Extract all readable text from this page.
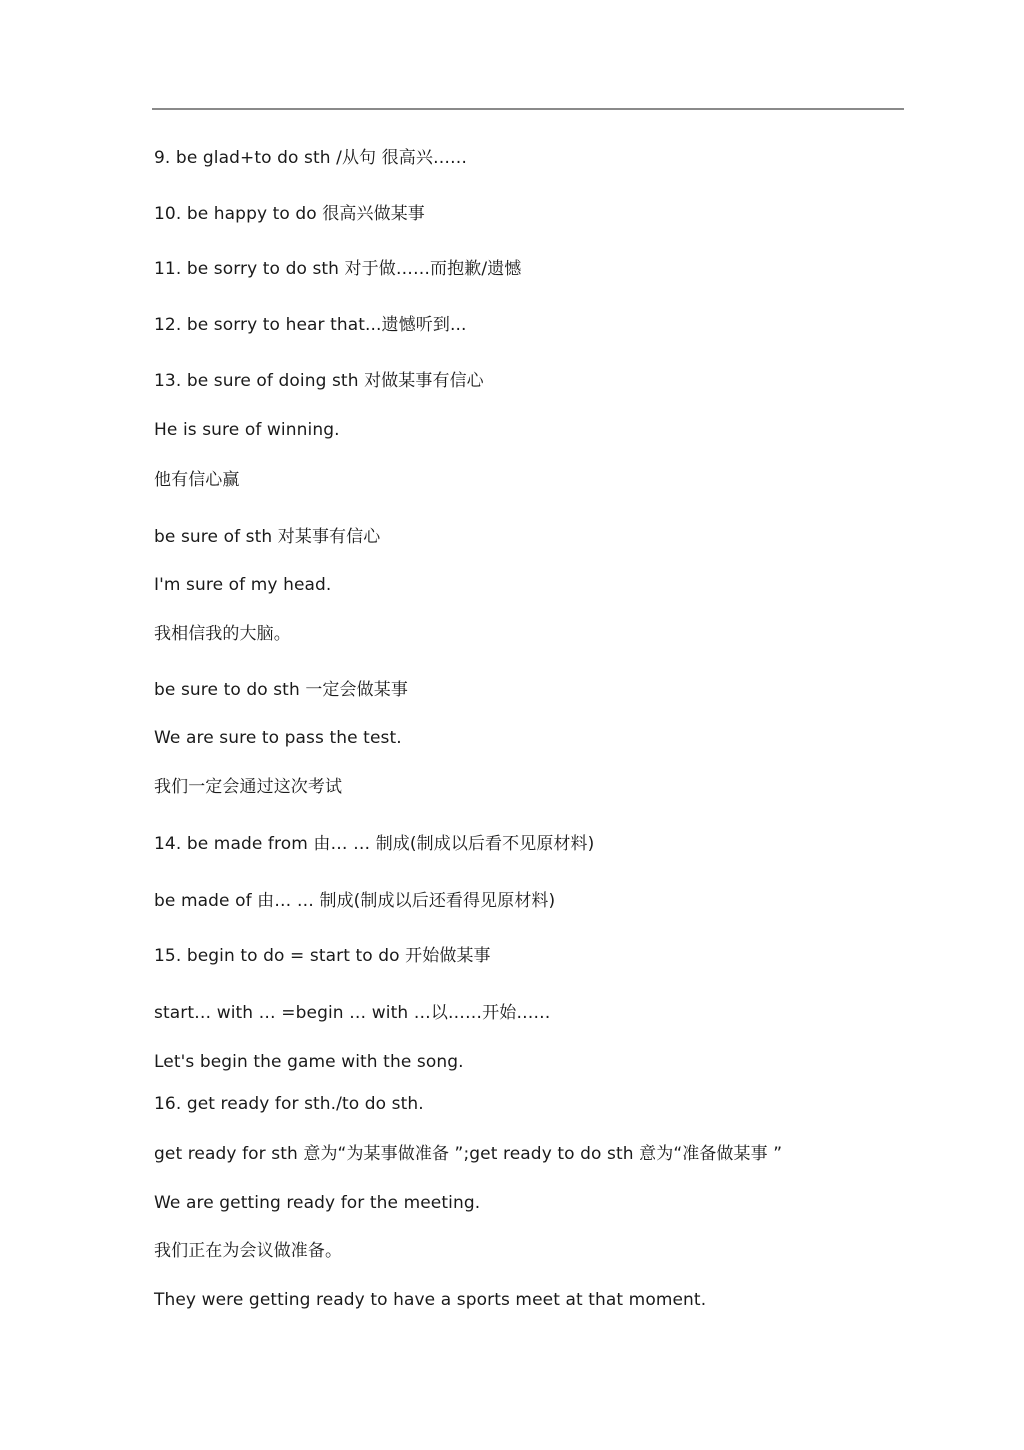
9. be glad+to do sth /从句 很高兴……
10. be happy to do 很高兴做某事
11. be sorry to do sth 对于做……而抱歉/遗憾
12. be sorry to hear that...遗憾听到...
13. be sure of doing sth 对做某事有信心
He is sure of winning.
他有信心赢
be sure of sth 对某事有信心
I'm sure of my head.
我相信我的大脑。
be sure to do sth 一定会做某事
We are sure to pass the test.
我们一定会通过这次考试
14. be made from 由… … 制成(制成以后看不见原材料)
be made of 由… … 制成(制成以后还看得见原材料)
15. begin to do = start to do 开始做某事
start… with … =begin … with …以……开始……
Let's begin the game with the song.
16. get ready for sth./to do sth.
get ready for sth 意为“为某事做准备 ”;get ready to do sth 意为“准备做某事 ”
We are getting ready for the meeting.
我们正在为会议做准备。
They were getting ready to have a sports meet at that moment.
